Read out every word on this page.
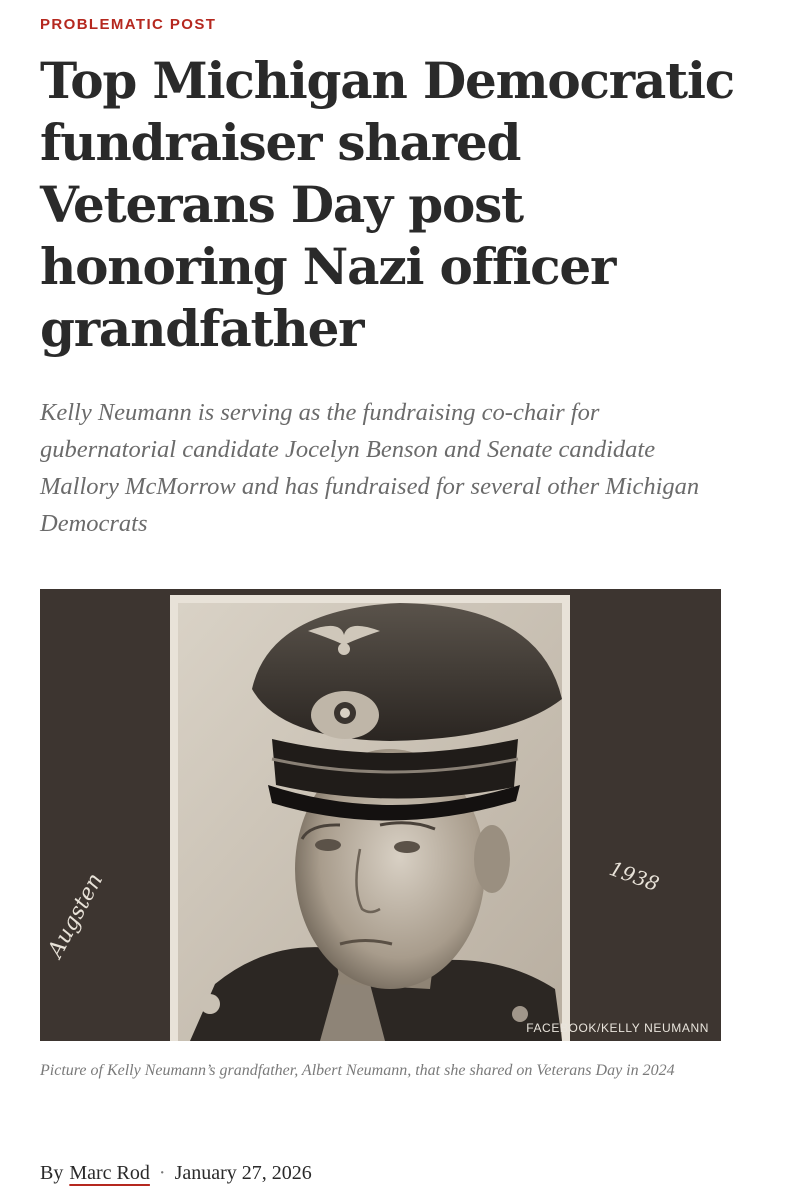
PROBLEMATIC POST
Top Michigan Democratic fundraiser shared Veterans Day post honoring Nazi officer grandfather

Kelly Neumann is serving as the fundraising co-chair for gubernatorial candidate Jocelyn Benson and Senate candidate Mallory McMorrow and has fundraised for several other Michigan Democrats

Augsten	1938
FACEBOOK/KELLY NEUMANN

Picture of Kelly Neumann’s grandfather, Albert Neumann, that she shared on Veterans Day in 2024

By Marc Rod · January 27, 2026
